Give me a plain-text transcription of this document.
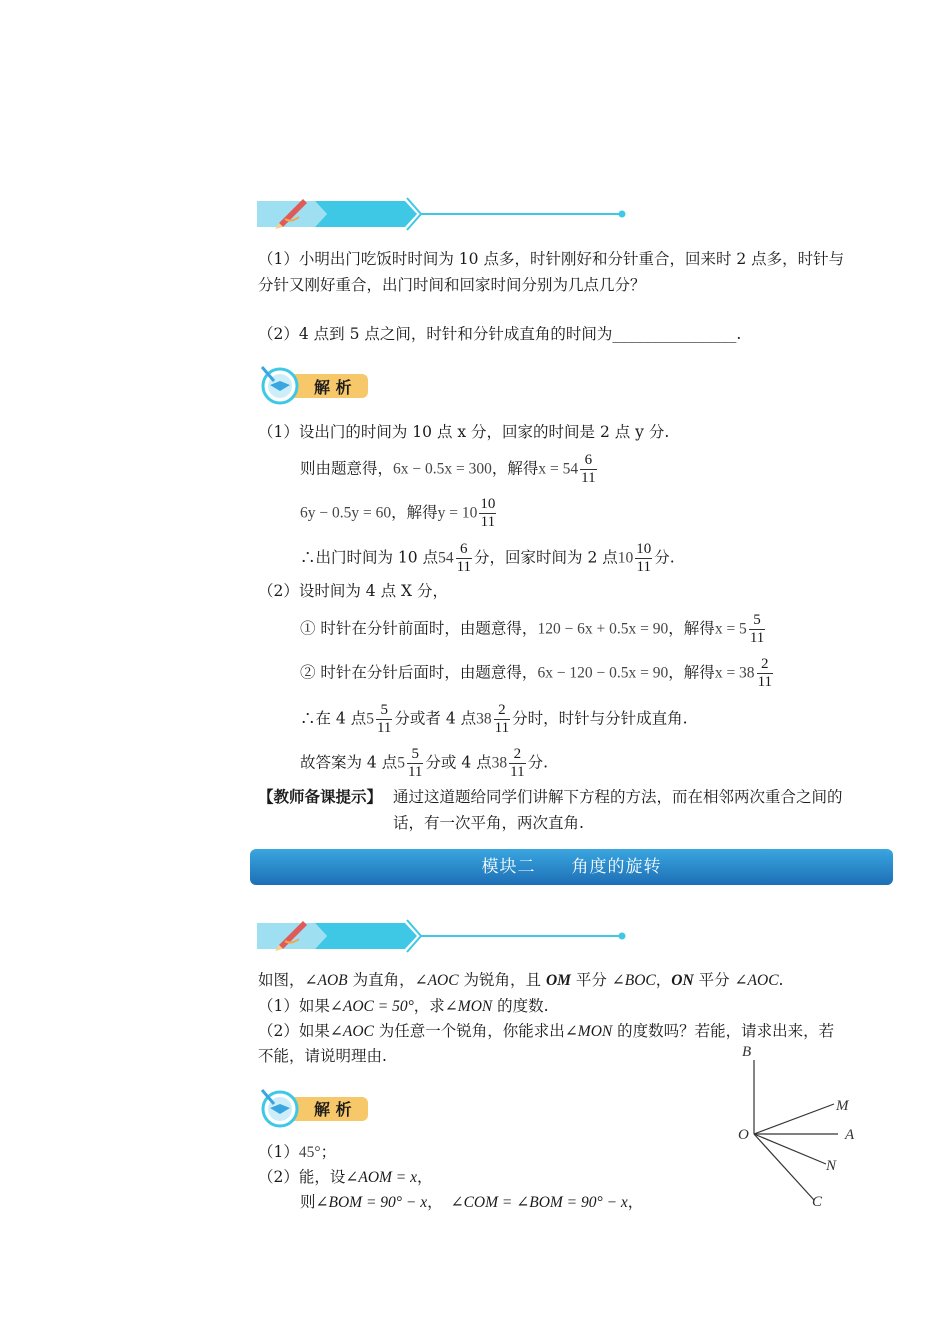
（1）小明出门吃饭时时间为 10 点多，时针刚好和分针重合，回来时 2 点多，时针与
分针又刚好重合，出门时间和回家时间分别为几点几分？
（2）4 点到 5 点之间，时针和分针成直角的时间为________________.
解 析
（1）设出门的时间为 10 点 x 分，回家的时间是 2 点 y 分.
则由题意得，6x − 0.5x = 300，解得$x = 54 \frac{6}{11}$
6y − 0.5y = 60，解得$y = 10 \frac{10}{11}$
∴出门时间为 10 点$54 \frac{6}{11}$ 分，回家时间为 2 点$10 \frac{10}{11}$ 分.
（2）设时间为 4 点 X 分，
① 时针在分针前面时，由题意得，120 − 6x + 0.5x = 90，解得$x = 5 \frac{5}{11}$
② 时针在分针后面时，由题意得，6x − 120 − 0.5x = 90，解得$x = 38 \frac{2}{11}$
∴在 4 点$5 \frac{5}{11}$ 分或者 4 点$38 \frac{2}{11}$ 分时，时针与分针成直角.
故答案为 4 点$5 \frac{5}{11}$ 分或 4 点$38 \frac{2}{11}$ 分.
【教师备课提示】 通过这道题给同学们讲解下方程的方法，而在相邻两次重合之间的
话，有一次平角，两次直角.
模块二　　角度的旋转
如图，∠AOB 为直角，∠AOC 为锐角，且 OM 平分 ∠BOC，ON 平分 ∠AOC.
（1）如果∠AOC = 50°，求∠MON 的度数.
（2）如果∠AOC 为任意一个锐角，你能求出∠MON 的度数吗？若能，请求出来，若
不能，请说明理由.
解 析
（1）45°；
（2）能，设∠AOM = x，
则∠BOM = 90° − x， ∠COM = ∠BOM = 90° − x，
B
M
O	A
N
C
